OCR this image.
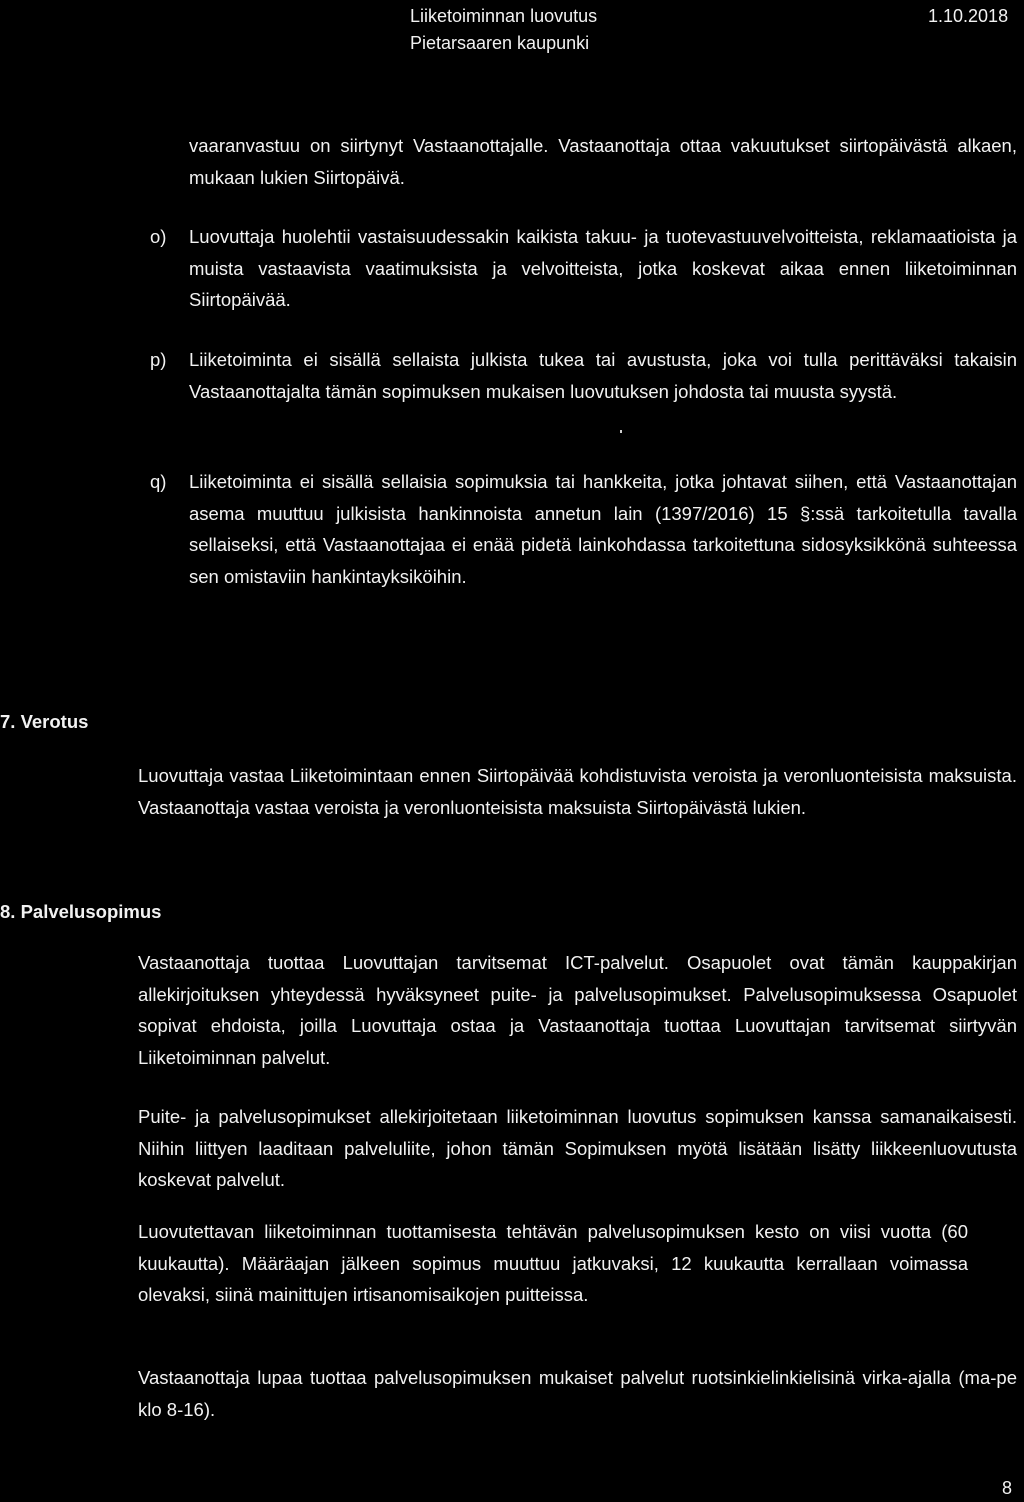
Liiketoiminnan luovutus
Pietarsaaren kaupunki
1.10.2018
vaaranvastuu on siirtynyt Vastaanottajalle. Vastaanottaja ottaa vakuutukset siirtopäivästä alkaen, mukaan lukien Siirtopäivä.
o) Luovuttaja huolehtii vastaisuudessakin kaikista takuu- ja tuotevastuuvelvoitteista, reklamaatioista ja muista vastaavista vaatimuksista ja velvoitteista, jotka koskevat aikaa ennen liiketoiminnan Siirtopäivää.
p) Liiketoiminta ei sisällä sellaista julkista tukea tai avustusta, joka voi tulla perittäväksi takaisin Vastaanottajalta tämän sopimuksen mukaisen luovutuksen johdosta tai muusta syystä.
q) Liiketoiminta ei sisällä sellaisia sopimuksia tai hankkeita, jotka johtavat siihen, että Vastaanottajan asema muuttuu julkisista hankinnoista annetun lain (1397/2016) 15 §:ssä tarkoitetulla tavalla sellaiseksi, että Vastaanottajaa ei enää pidetä lainkohdassa tarkoitettuna sidosyksikkönä suhteessa sen omistaviin hankintayksiköihin.
7. Verotus
Luovuttaja vastaa Liiketoimintaan ennen Siirtopäivää kohdistuvista veroista ja veronluonteisista maksuista. Vastaanottaja vastaa veroista ja veronluonteisista maksuista Siirtopäivästä lukien.
8. Palvelusopimus
Vastaanottaja tuottaa Luovuttajan tarvitsemat ICT-palvelut. Osapuolet ovat tämän kauppakirjan allekirjoituksen yhteydessä hyväksyneet puite- ja palvelusopimukset. Palvelusopimuksessa Osapuolet sopivat ehdoista, joilla Luovuttaja ostaa ja Vastaanottaja tuottaa Luovuttajan tarvitsemat siirtyvän Liiketoiminnan palvelut.
Puite- ja palvelusopimukset allekirjoitetaan liiketoiminnan luovutus sopimuksen kanssa samanaikaisesti. Niihin liittyen laaditaan palveluliite, johon tämän Sopimuksen myötä lisätään lisätty liikkeenluovutusta koskevat palvelut.
Luovutettavan liiketoiminnan tuottamisesta tehtävän palvelusopimuksen kesto on viisi vuotta (60 kuukautta). Määräajan jälkeen sopimus muuttuu jatkuvaksi, 12 kuukautta kerrallaan voimassa olevaksi, siinä mainittujen irtisanomisaikojen puitteissa.
Vastaanottaja lupaa tuottaa palvelusopimuksen mukaiset palvelut ruotsinkielinkielisinä virka-ajalla (ma-pe klo 8-16).
8
